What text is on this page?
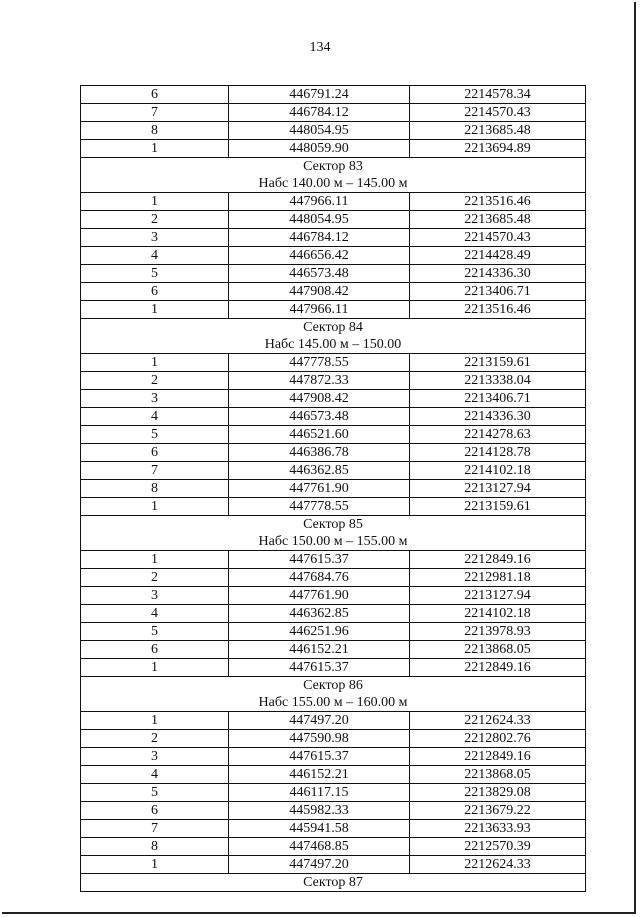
134
6	446791.24	2214578.34
7	446784.12	2214570.43
8	448054.95	2213685.48
1	448059.90	2213694.89
Сектор 83		
Набс 140.00 м – 145.00 м		
1	447966.11	2213516.46
2	448054.95	2213685.48
3	446784.12	2214570.43
4	446656.42	2214428.49
5	446573.48	2214336.30
6	447908.42	2213406.71
1	447966.11	2213516.46
Сектор 84		
Набс 145.00 м – 150.00		
1	447778.55	2213159.61
2	447872.33	2213338.04
3	447908.42	2213406.71
4	446573.48	2214336.30
5	446521.60	2214278.63
6	446386.78	2214128.78
7	446362.85	2214102.18
8	447761.90	2213127.94
1	447778.55	2213159.61
Сектор 85		
Набс 150.00 м – 155.00 м		
1	447615.37	2212849.16
2	447684.76	2212981.18
3	447761.90	2213127.94
4	446362.85	2214102.18
5	446251.96	2213978.93
6	446152.21	2213868.05
1	447615.37	2212849.16
Сектор 86		
Набс 155.00 м – 160.00 м		
1	447497.20	2212624.33
2	447590.98	2212802.76
3	447615.37	2212849.16
4	446152.21	2213868.05
5	446117.15	2213829.08
6	445982.33	2213679.22
7	445941.58	2213633.93
8	447468.85	2212570.39
1	447497.20	2212624.33
Сектор 87		
